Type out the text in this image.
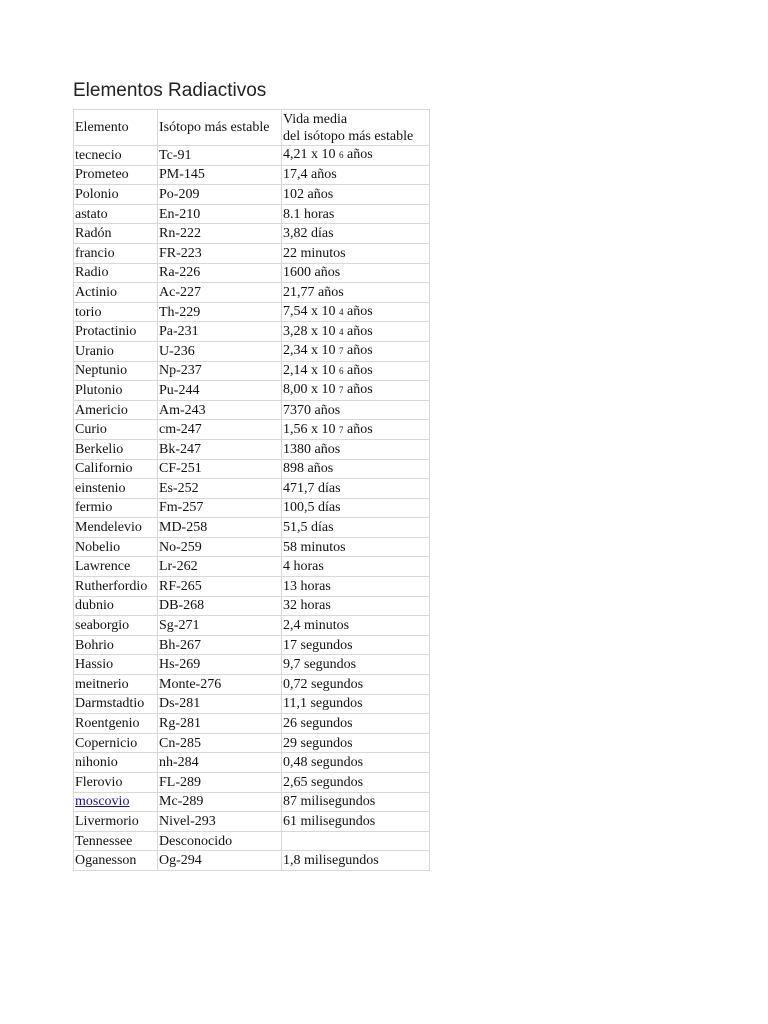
Elementos Radiactivos
Elemento	Isótopo más estable	Vida media
del isótopo más estable
tecnecio	Tc-91	4,21 x 10 6 años
Prometeo	PM-145	17,4 años
Polonio	Po-209	102 años
astato	En-210	8.1 horas
Radón	Rn-222	3,82 días
francio	FR-223	22 minutos
Radio	Ra-226	1600 años
Actinio	Ac-227	21,77 años
torio	Th-229	7,54 x 10 4 años
Protactinio	Pa-231	3,28 x 10 4 años
Uranio	U-236	2,34 x 10 7 años
Neptunio	Np-237	2,14 x 10 6 años
Plutonio	Pu-244	8,00 x 10 7 años
Americio	Am-243	7370 años
Curio	cm-247	1,56 x 10 7 años
Berkelio	Bk-247	1380 años
Californio	CF-251	898 años
einstenio	Es-252	471,7 días
fermio	Fm-257	100,5 días
Mendelevio	MD-258	51,5 días
Nobelio	No-259	58 minutos
Lawrence	Lr-262	4 horas
Rutherfordio	RF-265	13 horas
dubnio	DB-268	32 horas
seaborgio	Sg-271	2,4 minutos
Bohrio	Bh-267	17 segundos
Hassio	Hs-269	9,7 segundos
meitnerio	Monte-276	0,72 segundos
Darmstadtio	Ds-281	11,1 segundos
Roentgenio	Rg-281	26 segundos
Copernicio	Cn-285	29 segundos
nihonio	nh-284	0,48 segundos
Flerovio	FL-289	2,65 segundos
moscovio	Mc-289	87 milisegundos
Livermorio	Nivel-293	61 milisegundos
Tennessee	Desconocido	
Oganesson	Og-294	1,8 milisegundos
